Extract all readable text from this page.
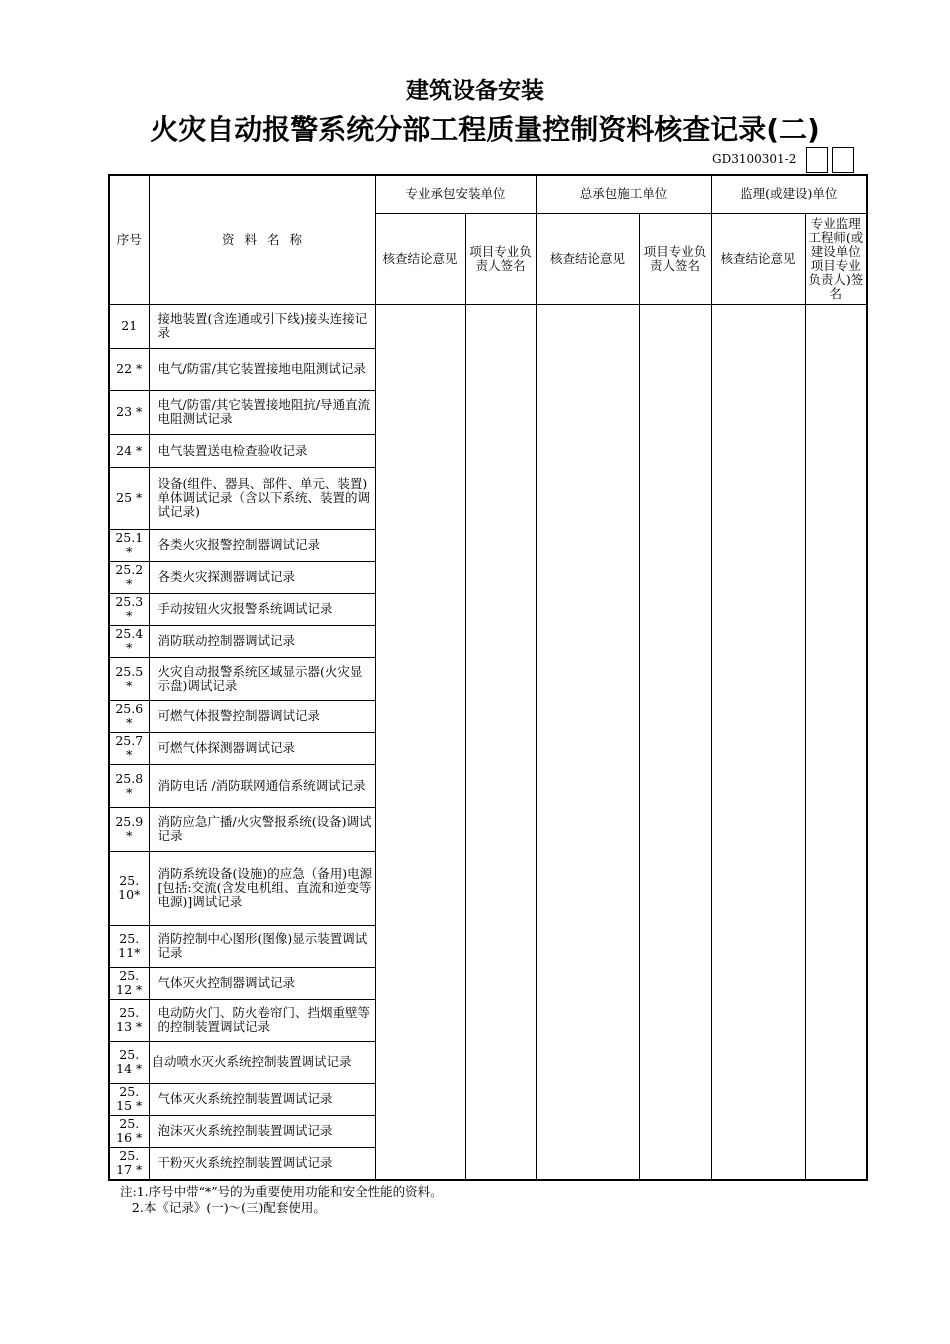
建筑设备安装
火灾自动报警系统分部工程质量控制资料核查记录(二)
GD3100301-2
序号	资 料 名 称	专业承包安装单位		总承包施工单位		监理(或建设)单位	
		核查结论意见	项目专业负责人签名	核查结论意见	项目专业负责人签名	核查结论意见	专业监理工程师(或建设单位项目专业负责人)签名
21	接地装置(含连通或引下线)接头连接记录						
22 *	电气/防雷/其它装置接地电阻测试记录						
23 *	电气/防雷/其它装置接地阻抗/导通直流电阻测试记录						
24 *	电气装置送电检查验收记录						
25 *	设备(组件、器具、部件、单元、装置)单体调试记录（含以下系统、装置的调试记录)						
25.1 *	各类火灾报警控制器调试记录						
25.2 *	各类火灾探测器调试记录						
25.3 *	手动按钮火灾报警系统调试记录						
25.4 *	消防联动控制器调试记录						
25.5 *	火灾自动报警系统区域显示器(火灾显示盘)调试记录						
25.6 *	可燃气体报警控制器调试记录						
25.7 *	可燃气体探测器调试记录						
25.8 *	消防电话 /消防联网通信系统调试记录						
25.9 *	消防应急广播/火灾警报系统(设备)调试记录						
25. 10*	消防系统设备(设施)的应急（备用)电源[包括:交流(含发电机组、直流和逆变等电源)]调试记录						
25. 11*	消防控制中心图形(图像)显示装置调试记录						
25. 12 *	气体灭火控制器调试记录						
25. 13 *	电动防火门、防火卷帘门、挡烟重壁等的控制装置调试记录						
25. 14 *	自动喷水灭火系统控制装置调试记录						
25. 15 *	气体灭火系统控制装置调试记录						
25. 16 *	泡沫灭火系统控制装置调试记录						
25. 17 *	干粉灭火系统控制装置调试记录						
注:1.序号中带“*”号的为重要使用功能和安全性能的资料。
2.本《记录》(一)～(三)配套使用。
